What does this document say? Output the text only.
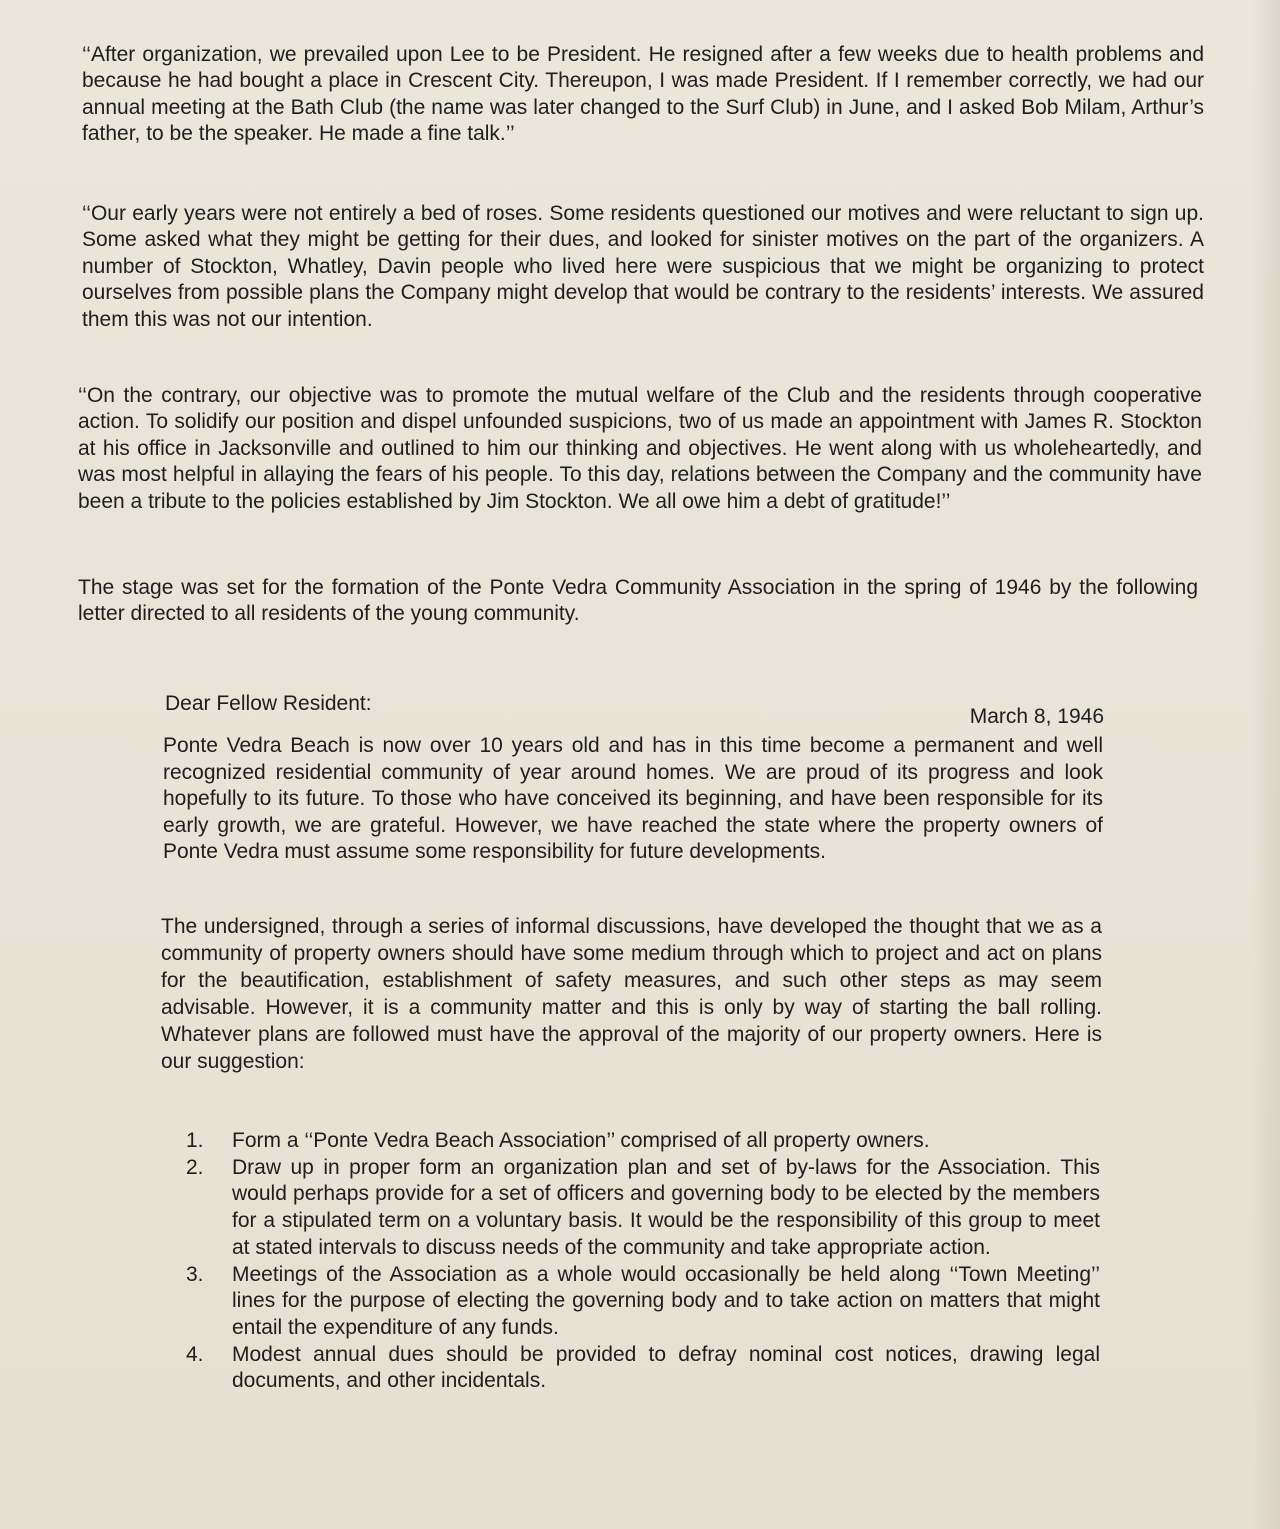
‘‘After organization, we prevailed upon Lee to be President. He resigned after a few weeks due to health problems and because he had bought a place in Crescent City. Thereupon, I was made President. If I remember correctly, we had our annual meeting at the Bath Club (the name was later changed to the Surf Club) in June, and I asked Bob Milam, Arthur’s father, to be the speaker. He made a fine talk.’’

‘‘Our early years were not entirely a bed of roses. Some residents questioned our motives and were reluctant to sign up. Some asked what they might be getting for their dues, and looked for sinister motives on the part of the organizers. A number of Stockton, Whatley, Davin people who lived here were suspicious that we might be organizing to protect ourselves from possible plans the Company might develop that would be contrary to the residents’ interests. We assured them this was not our intention.

‘‘On the contrary, our objective was to promote the mutual welfare of the Club and the residents through cooperative action. To solidify our position and dispel unfounded suspicions, two of us made an appointment with James R. Stockton at his office in Jacksonville and outlined to him our thinking and objectives. He went along with us wholeheartedly, and was most helpful in allaying the fears of his people. To this day, relations between the Company and the community have been a tribute to the policies established by Jim Stockton. We all owe him a debt of gratitude!’’

The stage was set for the formation of the Ponte Vedra Community Association in the spring of 1946 by the following letter directed to all residents of the young community.

Dear Fellow Resident:
March 8, 1946

Ponte Vedra Beach is now over 10 years old and has in this time become a permanent and well recognized residential community of year around homes. We are proud of its progress and look hopefully to its future. To those who have conceived its beginning, and have been responsible for its early growth, we are grateful. However, we have reached the state where the property owners of Ponte Vedra must assume some responsibility for future developments.

The undersigned, through a series of informal discussions, have developed the thought that we as a community of property owners should have some medium through which to project and act on plans for the beautification, establishment of safety measures, and such other steps as may seem advisable. However, it is a community matter and this is only by way of starting the ball rolling. Whatever plans are followed must have the approval of the majority of our property owners. Here is our suggestion:

1. Form a ‘‘Ponte Vedra Beach Association’’ comprised of all property owners.
2. Draw up in proper form an organization plan and set of by-laws for the Association. This would perhaps provide for a set of officers and governing body to be elected by the members for a stipulated term on a voluntary basis. It would be the responsibility of this group to meet at stated intervals to discuss needs of the community and take appropriate action.
3. Meetings of the Association as a whole would occasionally be held along ‘‘Town Meeting’’ lines for the purpose of electing the governing body and to take action on matters that might entail the expenditure of any funds.
4. Modest annual dues should be provided to defray nominal cost notices, drawing legal documents, and other incidentals.
